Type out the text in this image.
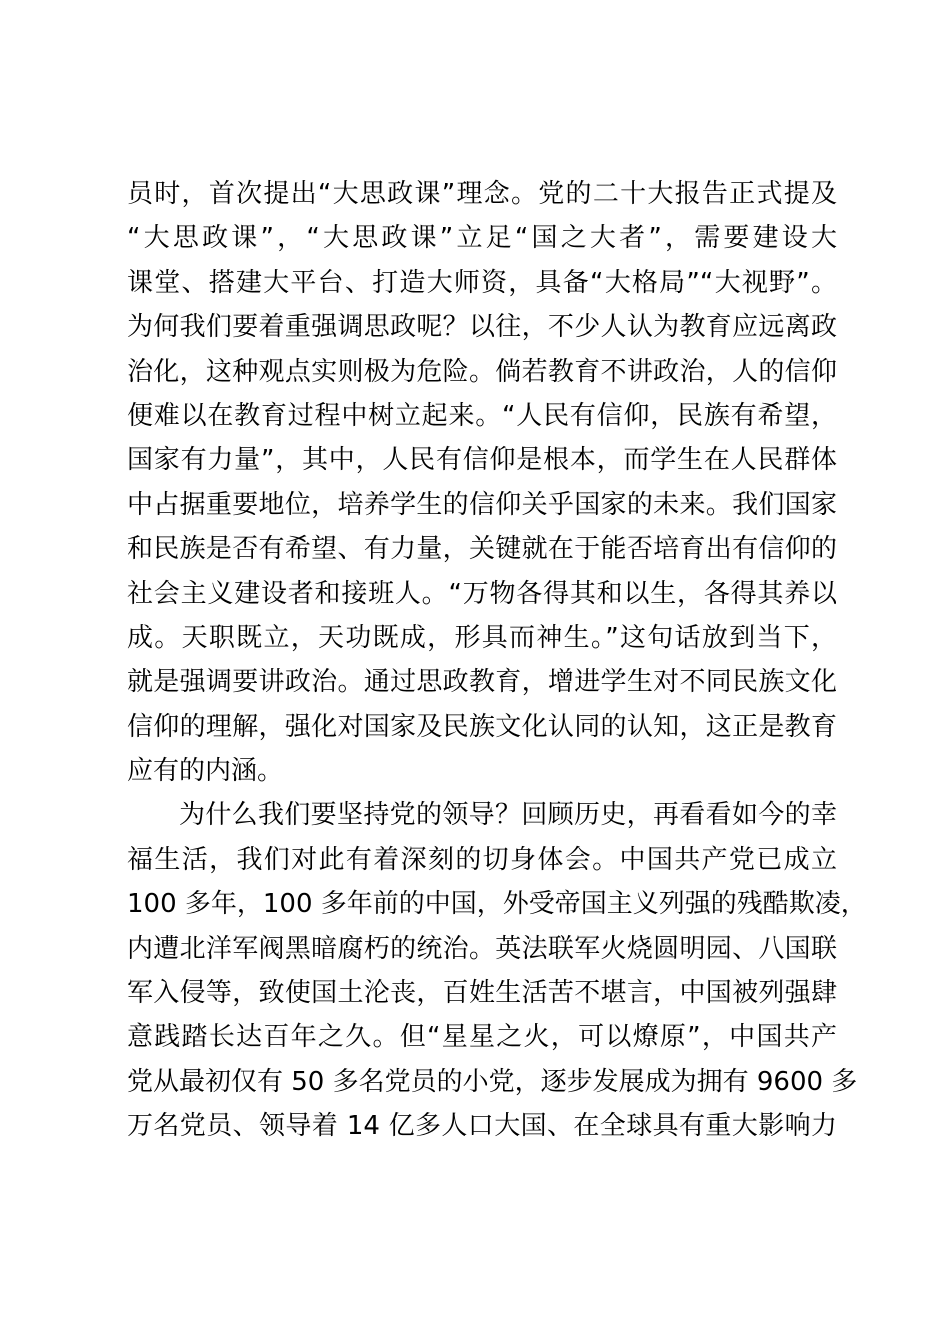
员时，首次提出“大思政课”理念。党的二十大报告正式提及
“大思政课”，“大思政课”立足“国之大者”，需要建设大
课堂、搭建大平台、打造大师资，具备“大格局”“大视野”。
为何我们要着重强调思政呢？以往，不少人认为教育应远离政
治化，这种观点实则极为危险。倘若教育不讲政治，人的信仰
便难以在教育过程中树立起来。“人民有信仰，民族有希望，
国家有力量”，其中，人民有信仰是根本，而学生在人民群体
中占据重要地位，培养学生的信仰关乎国家的未来。我们国家
和民族是否有希望、有力量，关键就在于能否培育出有信仰的
社会主义建设者和接班人。“万物各得其和以生，各得其养以
成。天职既立，天功既成，形具而神生。”这句话放到当下，
就是强调要讲政治。通过思政教育，增进学生对不同民族文化
信仰的理解，强化对国家及民族文化认同的认知，这正是教育
应有的内涵。
为什么我们要坚持党的领导？回顾历史，再看看如今的幸
福生活，我们对此有着深刻的切身体会。中国共产党已成立
100 多年，100 多年前的中国，外受帝国主义列强的残酷欺凌，
内遭北洋军阀黑暗腐朽的统治。英法联军火烧圆明园、八国联
军入侵等，致使国土沦丧，百姓生活苦不堪言，中国被列强肆
意践踏长达百年之久。但“星星之火，可以燎原”，中国共产
党从最初仅有 50 多名党员的小党，逐步发展成为拥有 9600 多
万名党员、领导着 14 亿多人口大国、在全球具有重大影响力
